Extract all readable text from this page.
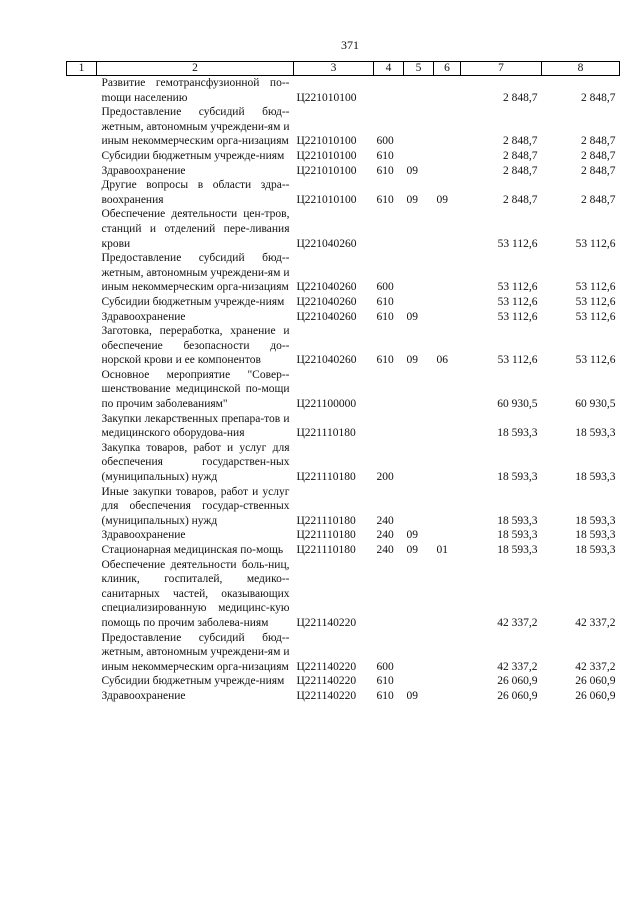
371
1	2	3	4	5	6	7	8
	Развитие гемотрансфузионной по-mощи населению	Ц221010100				2 848,7	2 848,7
	Предоставление субсидий бюд-жетным, автономным учреждени-ям и иным некоммерческим орга-низациям	Ц221010100	600			2 848,7	2 848,7
	Субсидии бюджетным учрежде-ниям	Ц221010100	610			2 848,7	2 848,7
	Здравоохранение	Ц221010100	610	09		2 848,7	2 848,7
	Другие вопросы в области здра-воохранения	Ц221010100	610	09	09	2 848,7	2 848,7
	Обеспечение деятельности цен-тров, станций и отделений пере-ливания крови	Ц221040260				53 112,6	53 112,6
	Предоставление субсидий бюд-жетным, автономным учреждени-ям и иным некоммерческим орга-низациям	Ц221040260	600			53 112,6	53 112,6
	Субсидии бюджетным учрежде-ниям	Ц221040260	610			53 112,6	53 112,6
	Здравоохранение	Ц221040260	610	09		53 112,6	53 112,6
	Заготовка, переработка, хранение и обеспечение безопасности до-норской крови и ее компонентов	Ц221040260	610	09	06	53 112,6	53 112,6
	Основное мероприятие "Совер-шенствование медицинской по-мощи по прочим заболеваниям"	Ц221100000				60 930,5	60 930,5
	Закупки лекарственных препара-тов и медицинского оборудова-ния	Ц221110180				18 593,3	18 593,3
	Закупка товаров, работ и услуг для обеспечения государствен-ных (муниципальных) нужд	Ц221110180	200			18 593,3	18 593,3
	Иные закупки товаров, работ и услуг для обеспечения государ-ственных (муниципальных) нужд	Ц221110180	240			18 593,3	18 593,3
	Здравоохранение	Ц221110180	240	09		18 593,3	18 593,3
	Стационарная медицинская по-мощь	Ц221110180	240	09	01	18 593,3	18 593,3
	Обеспечение деятельности боль-ниц, клиник, госпиталей, медико-санитарных частей, оказывающих специализированную медицинс-кую помощь по прочим заболева-ниям	Ц221140220				42 337,2	42 337,2
	Предоставление субсидий бюд-жетным, автономным учреждени-ям и иным некоммерческим орга-низациям	Ц221140220	600			42 337,2	42 337,2
	Субсидии бюджетным учрежде-ниям	Ц221140220	610			26 060,9	26 060,9
	Здравоохранение	Ц221140220	610	09		26 060,9	26 060,9
